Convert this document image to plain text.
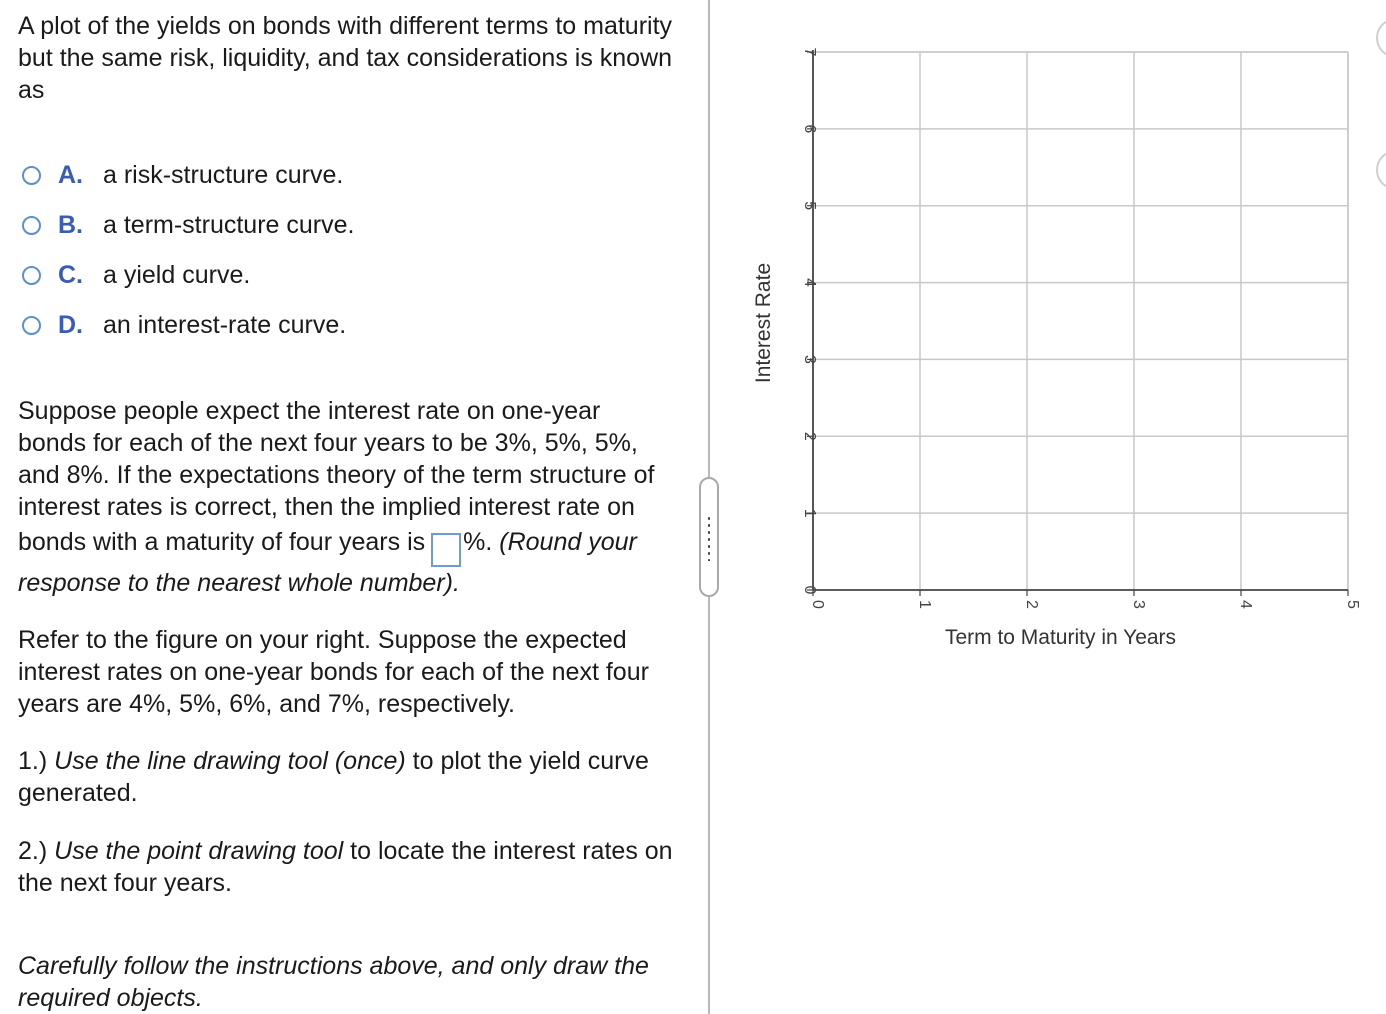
A plot of the yields on bonds with different terms to maturity but the same risk, liquidity, and tax considerations is known as

A. a risk-structure curve.
B. a term-structure curve.
C. a yield curve.
D. an interest-rate curve.
Suppose people expect the interest rate on one-year
bonds for each of the next four years to be 3%, 5%, 5%,
and 8%. If the expectations theory of the term structure of
interest rates is correct, then the implied interest rate on
bonds with a maturity of four years is %. (Round your
response to the nearest whole number).

Refer to the figure on your right. Suppose the expected interest rates on one-year bonds for each of the next four years are 4%, 5%, 6%, and 7%, respectively.

1.) Use the line drawing tool (once) to plot the yield curve generated.

2.) Use the point drawing tool to locate the interest rates on the next four years.

Carefully follow the instructions above, and only draw the required objects.

0
1
2
3
4
5
6
7
0	1	2	3	4	5
Term to Maturity in Years
Interest Rate
